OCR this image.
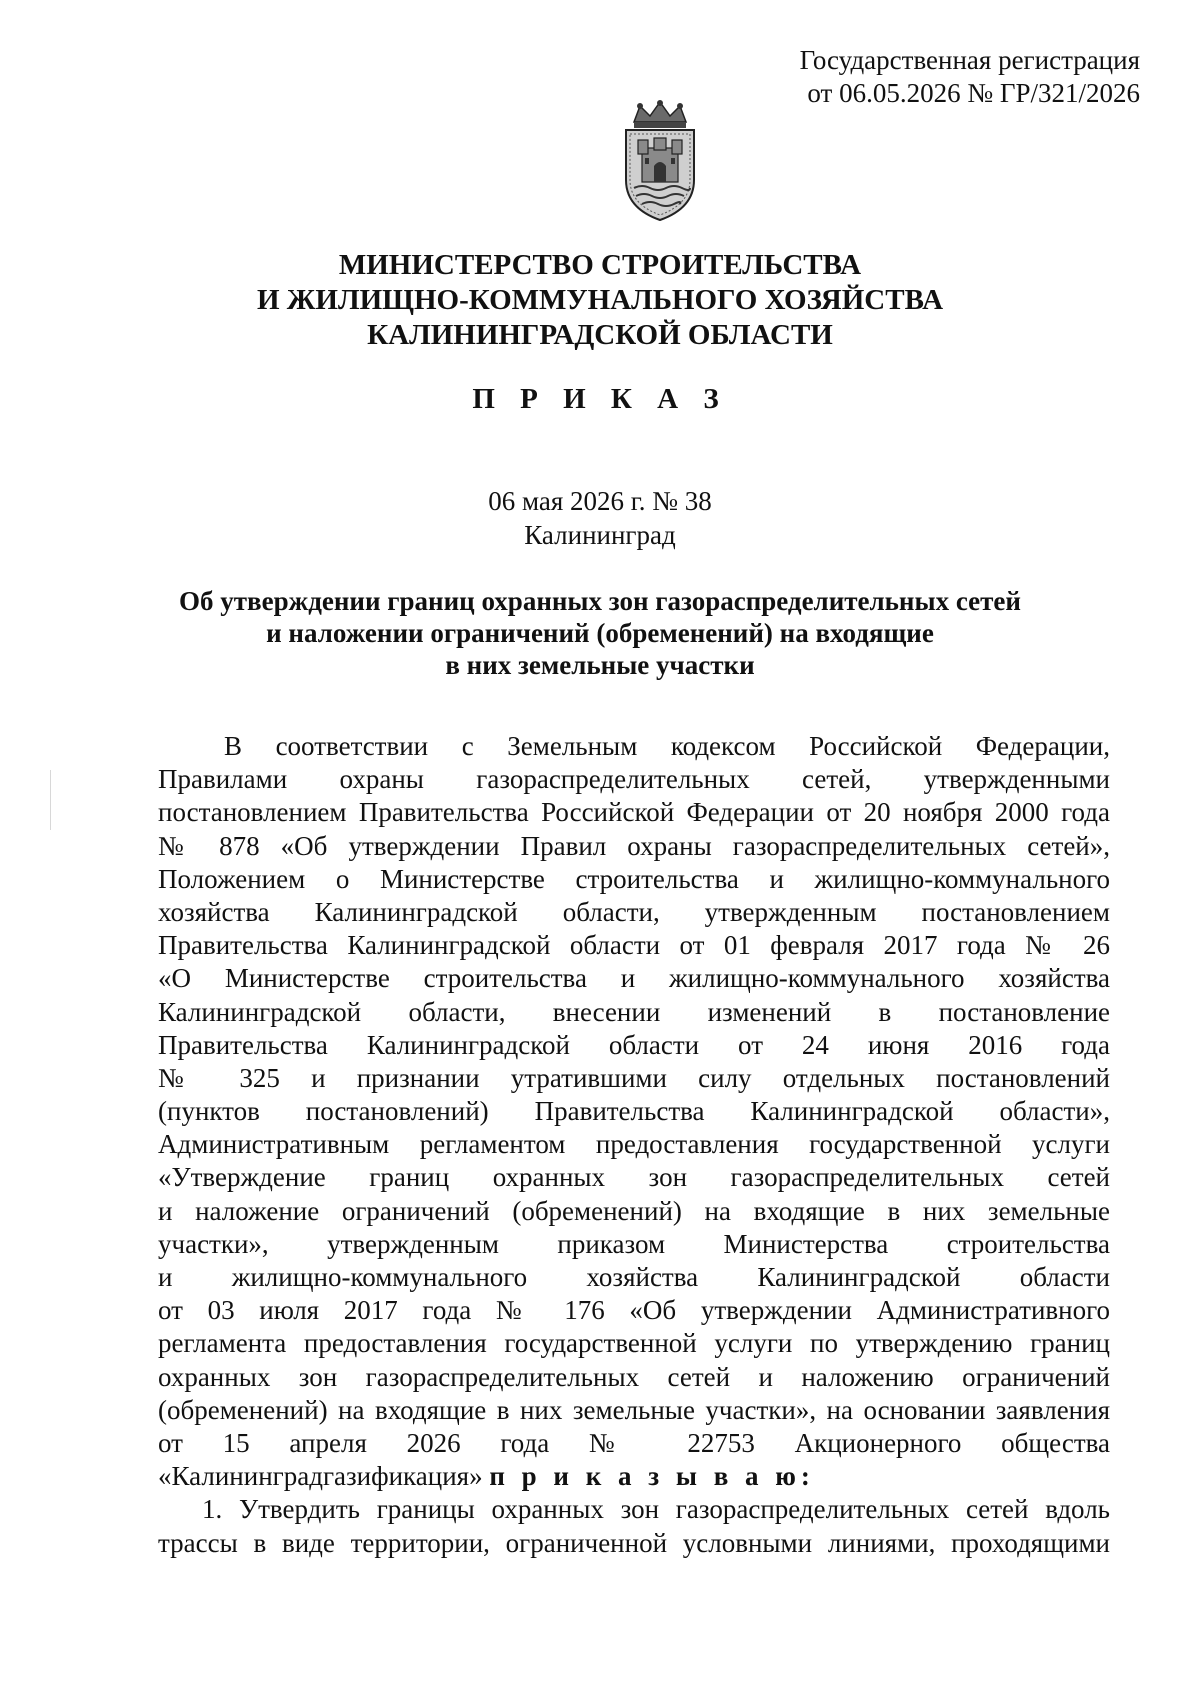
Государственная регистрация
от 06.05.2026 № ГР/321/2026
МИНИСТЕРСТВО СТРОИТЕЛЬСТВА
И ЖИЛИЩНО-КОММУНАЛЬНОГО ХОЗЯЙСТВА
КАЛИНИНГРАДСКОЙ ОБЛАСТИ
П Р И К А З
06 мая 2026 г. № 38
Калининград
Об утверждении границ охранных зон газораспределительных сетей
и наложении ограничений (обременений) на входящие
в них земельные участки
В соответствии с Земельным кодексом Российской Федерации,
Правилами охраны газораспределительных сетей, утвержденными
постановлением Правительства Российской Федерации от 20 ноября 2000 года
№ 878 «Об утверждении Правил охраны газораспределительных сетей»,
Положением о Министерстве строительства и жилищно-коммунального
хозяйства Калининградской области, утвержденным постановлением
Правительства Калининградской области от 01 февраля 2017 года № 26
«О Министерстве строительства и жилищно-коммунального хозяйства
Калининградской области, внесении изменений в постановление
Правительства Калининградской области от 24 июня 2016 года
№ 325 и признании утратившими силу отдельных постановлений
(пунктов постановлений) Правительства Калининградской области»,
Административным регламентом предоставления государственной услуги
«Утверждение границ охранных зон газораспределительных сетей
и наложение ограничений (обременений) на входящие в них земельные
участки», утвержденным приказом Министерства строительства
и жилищно-коммунального хозяйства Калининградской области
от 03 июля 2017 года № 176 «Об утверждении Административного
регламента предоставления государственной услуги по утверждению границ
охранных зон газораспределительных сетей и наложению ограничений
(обременений) на входящие в них земельные участки», на основании заявления
от 15 апреля 2026 года № 22753 Акционерного общества
«Калининградгазификация» п р и к а з ы в а ю:
1. Утвердить границы охранных зон газораспределительных сетей вдоль
трассы в виде территории, ограниченной условными линиями, проходящими
